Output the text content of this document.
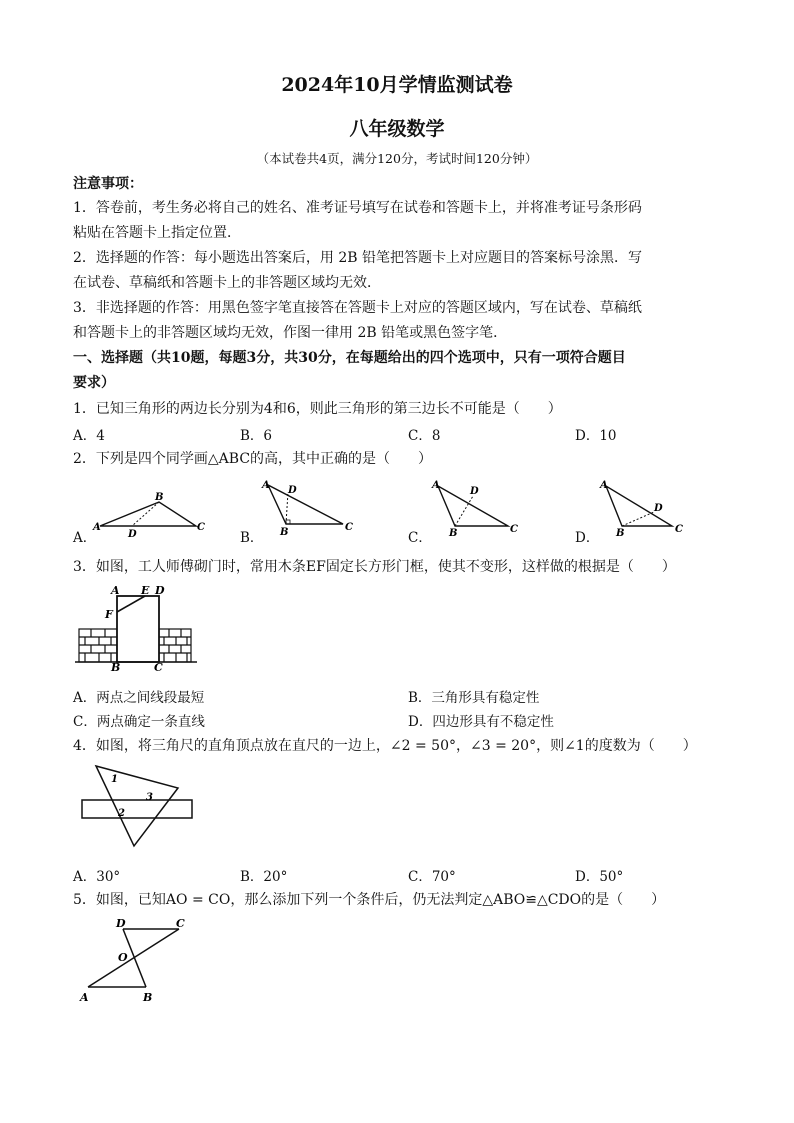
2024年10月学情监测试卷
八年级数学
（本试卷共4页，满分120分，考试时间120分钟）
注意事项：
1．答卷前，考生务必将自己的姓名、准考证号填写在试卷和答题卡上，并将准考证号条形码
粘贴在答题卡上指定位置．
2．选择题的作答：每小题选出答案后，用 2B 铅笔把答题卡上对应题目的答案标号涂黑．写
在试卷、草稿纸和答题卡上的非答题区域均无效．
3．非选择题的作答：用黑色签字笔直接答在答题卡上对应的答题区域内，写在试卷、草稿纸
和答题卡上的非答题区域均无效，作图一律用 2B 铅笔或黑色签字笔．
一、选择题（共10题，每题3分，共30分，在每题给出的四个选项中，只有一项符合题目
要求）
1．已知三角形的两边长分别为4和6，则此三角形的第三边长不可能是（　　）
A．4	B．6	C．8	D．10
2．下列是四个同学画△ABC的高，其中正确的是（　　）
A．	B．	C．	D．
A
B
C
D
A D
B	C
A
D
B	C
A
D
B	C
3．如图，工人师傅砌门时，常用木条EF固定长方形门框，使其不变形，这样做的根据是（　　）
A E D
F
B	C
A．两点之间线段最短	B．三角形具有稳定性
C．两点确定一条直线	D．四边形具有不稳定性
4．如图，将三角尺的直角顶点放在直尺的一边上，∠2 = 50°，∠3 = 20°，则∠1的度数为（　　）
1
2
3
A．30°	B．20°	C．70°	D．50°
5．如图，已知AO = CO，那么添加下列一个条件后，仍无法判定△ABO≌△CDO的是（　　）
D	C
O
A	B
